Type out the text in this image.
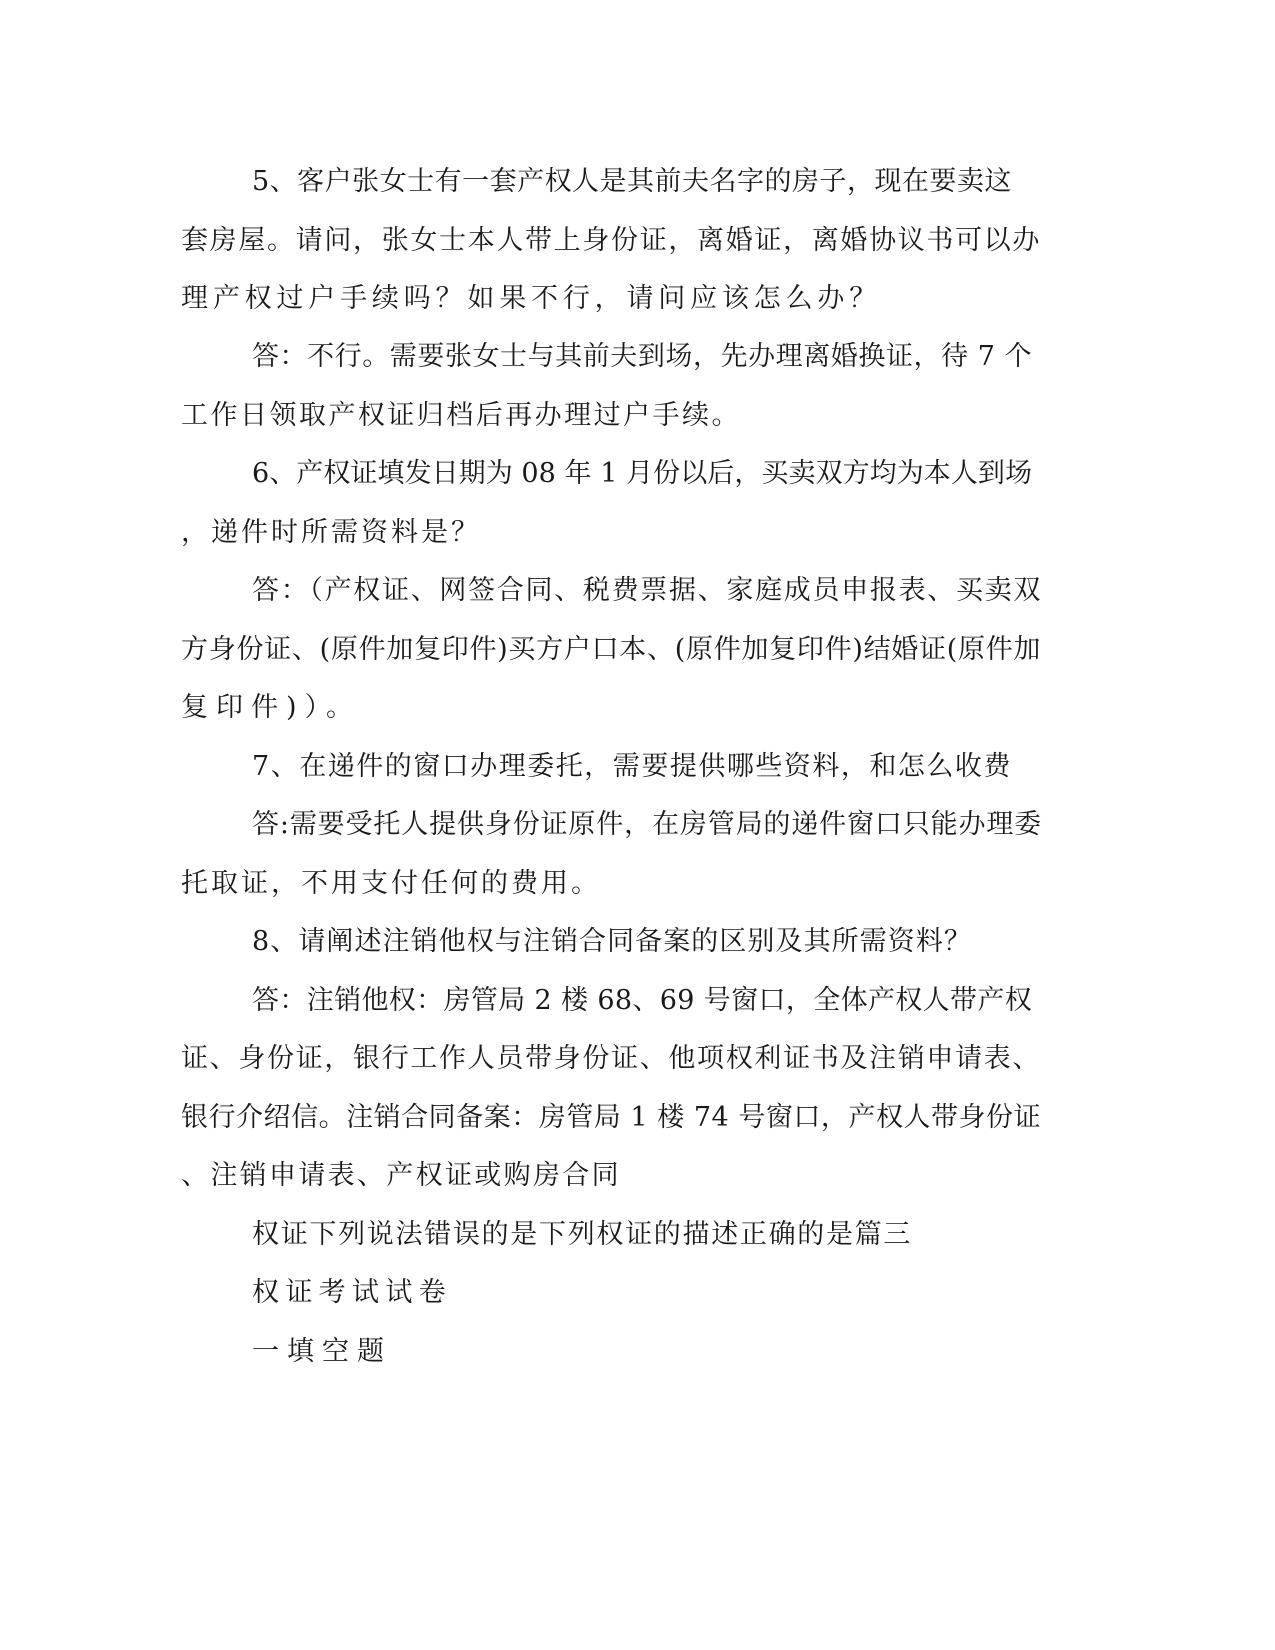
5、客户张女士有一套产权人是其前夫名字的房子，现在要卖这
套房屋。请问，张女士本人带上身份证，离婚证，离婚协议书可以办
理产权过户手续吗？如果不行，请问应该怎么办？
答：不行。需要张女士与其前夫到场，先办理离婚换证，待 7 个
工作日领取产权证归档后再办理过户手续。
6、产权证填发日期为 08 年 1 月份以后，买卖双方均为本人到场
，递件时所需资料是？
答：（产权证、网签合同、税费票据、家庭成员申报表、买卖双
方身份证、(原件加复印件)买方户口本、(原件加复印件)结婚证(原件加
复印件)）。
7、在递件的窗口办理委托，需要提供哪些资料，和怎么收费
答:需要受托人提供身份证原件，在房管局的递件窗口只能办理委
托取证，不用支付任何的费用。
8、请阐述注销他权与注销合同备案的区别及其所需资料？
答：注销他权：房管局 2 楼 68、69 号窗口，全体产权人带产权
证、身份证，银行工作人员带身份证、他项权利证书及注销申请表、
银行介绍信。注销合同备案：房管局 1 楼 74 号窗口，产权人带身份证
、注销申请表、产权证或购房合同
权证下列说法错误的是下列权证的描述正确的是篇三
权证考试试卷
一填空题
